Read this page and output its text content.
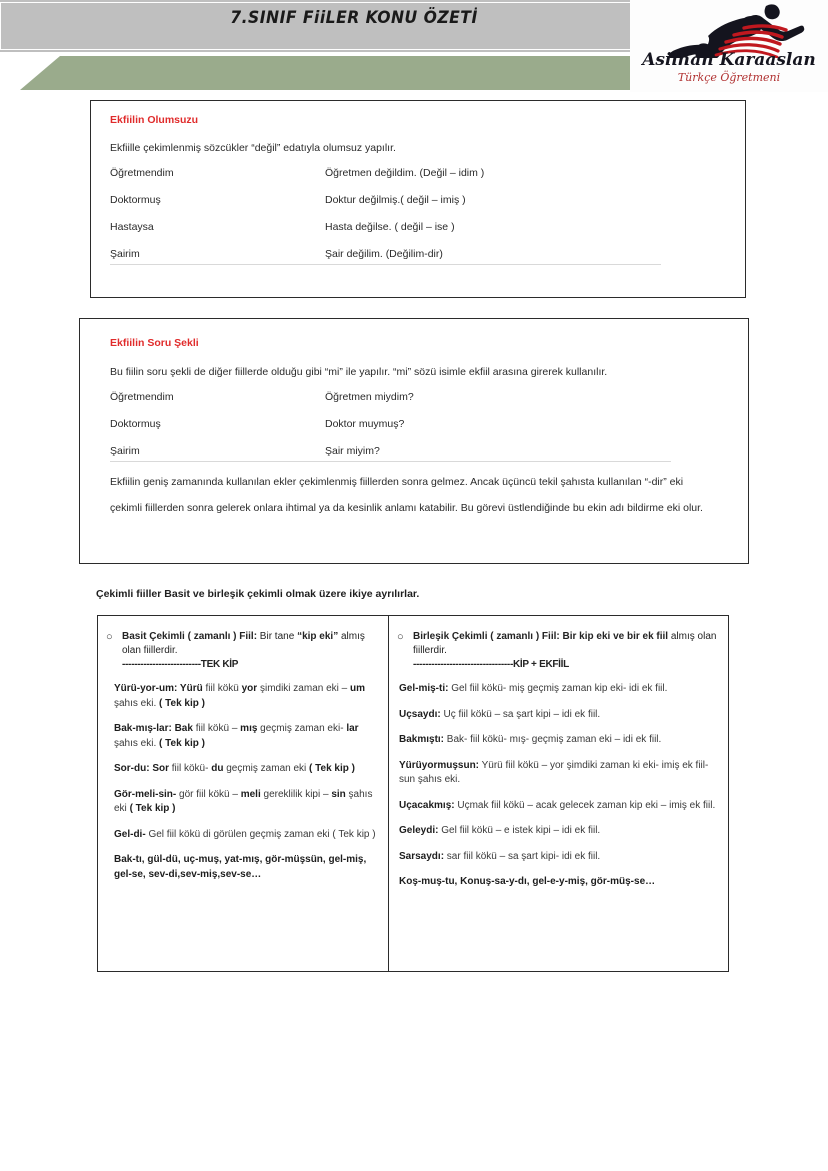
7.SINIF FiiLER KONU ÖZETİ
Asilhan Karaaslan
Türkçe Öğretmeni
Ekfiilin Olumsuzu
Ekfiille çekimlenmiş sözcükler “değil” edatıyla olumsuz yapılır.
Öğretmendim	Öğretmen değildim. (Değil – idim )
Doktormuş	Doktur değilmiş.( değil – imiş )
Hastaysa	Hasta değilse. ( değil – ise )
Şairim	Şair değilim. (Değilim-dir)
Ekfiilin Soru Şekli
Bu fiilin soru şekli de diğer fiillerde olduğu gibi “mi” ile yapılır. “mi” sözü isimle ekfiil arasına girerek kullanılır.
Öğretmendim	Öğretmen miydim?
Doktormuş	Doktor muymuş?
Şairim	Şair miyim?
Ekfiilin geniş zamanında kullanılan ekler çekimlenmiş fiillerden sonra gelmez. Ancak üçüncü tekil şahısta kullanılan “-dir” eki çekimli fiillerden sonra gelerek onlara ihtimal ya da kesinlik anlamı katabilir. Bu görevi üstlendiğinde bu ekin adı bildirme eki olur.
Çekimli fiiller Basit ve birleşik çekimli olmak üzere ikiye ayrılırlar.
○ Basit Çekimli ( zamanlı ) Fiil: Bir tane “kip eki” almış olan fiillerdir.
--------------------------TEK KİP

Yürü-yor-um: Yürü fiil kökü yor şimdiki zaman eki – um şahıs eki. ( Tek kip )

Bak-mış-lar: Bak fiil kökü – mış geçmiş zaman eki- lar şahıs eki. ( Tek kip )

Sor-du: Sor fiil kökü- du geçmiş zaman eki ( Tek kip )

Gör-meli-sin- gör fiil kökü – meli gereklilik kipi – sin şahıs eki ( Tek kip )

Gel-di- Gel fiil kökü di görülen geçmiş zaman eki ( Tek kip )

Bak-tı, gül-dü, uç-muş, yat-mış, gör-müşsün, gel-miş, gel-se, sev-di,sev-miş,sev-se…

○ Birleşik Çekimli ( zamanlı ) Fiil: Bir kip eki ve bir ek fiil almış olan fiillerdir.
---------------------------------KİP + EKFİİL

Gel-miş-ti: Gel fiil kökü- miş geçmiş zaman kip eki- idi ek fiil.

Uçsaydı: Uç fiil kökü – sa şart kipi – idi ek fiil.

Bakmıştı: Bak- fiil kökü- mış- geçmiş zaman eki – idi ek fiil.

Yürüyormuşsun: Yürü fiil kökü – yor şimdiki zaman ki eki- imiş ek fiil- sun şahıs eki.

Uçacakmış: Uçmak fiil kökü – acak gelecek zaman kip eki – imiş ek fiil.

Geleydi: Gel fiil kökü – e istek kipi – idi ek fiil.

Sarsaydı: sar fiil kökü – sa şart kipi- idi ek fiil.

Koş-muş-tu, Konuş-sa-y-dı, gel-e-y-miş, gör-müş-se…
